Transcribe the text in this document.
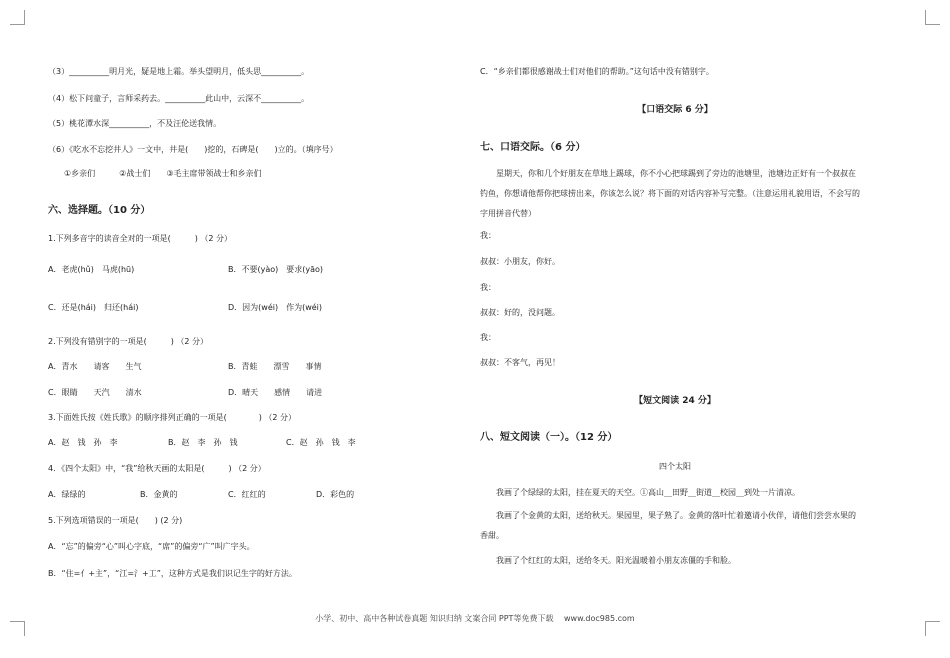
（3）__________明月光，疑是地上霜。举头望明月，低头思__________。
（4）松下问童子，言师采药去。__________此山中，云深不__________。
（5）桃花潭水深__________，不及汪伦送我情。
（6）《吃水不忘挖井人》一文中，井是(　　)挖的，石碑是(　　)立的。（填序号）
①乡亲们　　　②战士们　　③毛主席带领战士和乡亲们
六、选择题。（10 分）
1.下列多音字的读音全对的一项是(　　　) （2 分）
A．老虎(hǔ)　马虎(hū)	B．不要(yào)　要求(yāo)
C．还是(hái)　归还(hái)	D．因为(wéi)　作为(wéi)
2.下列没有错别字的一项是(　　　) （2 分）
A．青水　　请客　　生气	B．青蛙　　漂雪　　事情
C．眼睛　　天汽　　清水	D．晴天　　感情　　请进
3.下面姓氏按《姓氏歌》的顺序排列正确的一项是(　　　　) （2 分）
A．赵　钱　孙　李	B．赵　李　孙　钱	C．赵　孙　钱　李
4．《四个太阳》中，“我”给秋天画的太阳是(　　　) （2 分）
A．绿绿的	B．金黄的	C．红红的	D．彩色的
5.下列选项错误的一项是(　　) (2 分)
A．“忘”的偏旁“心”叫心字底，“席”的偏旁“广”叫广字头。
B．“住=亻+主”，“江=氵+工”，这种方式是我们识记生字的好方法。
C．“乡亲们都很感谢战士们对他们的帮助。”这句话中没有错别字。
【口语交际 6 分】
七、口语交际。（6 分）
星期天，你和几个好朋友在草地上踢球，你不小心把球踢到了旁边的池塘里，池塘边正好有一个叔叔在钓鱼，你想请他帮你把球捞出来，你该怎么说？将下面的对话内容补写完整。（注意运用礼貌用语，不会写的字用拼音代替）
我：
叔叔：小朋友，你好。
我：
叔叔：好的，没问题。
我：
叔叔：不客气，再见！
【短文阅读 24 分】
八、短文阅读（一）。（12 分）
四个太阳
我画了个绿绿的太阳，挂在夏天的天空。①高山__田野__街道__校园__到处一片清凉。
我画了个金黄的太阳，送给秋天。果园里，果子熟了。金黄的落叶忙着邀请小伙伴，请他们尝尝水果的香甜。
我画了个红红的太阳，送给冬天。阳光温暖着小朋友冻僵的手和脸。
小学、初中、高中各种试卷真题 知识归纳 文案合同 PPT等免费下载　 www.doc985.com
